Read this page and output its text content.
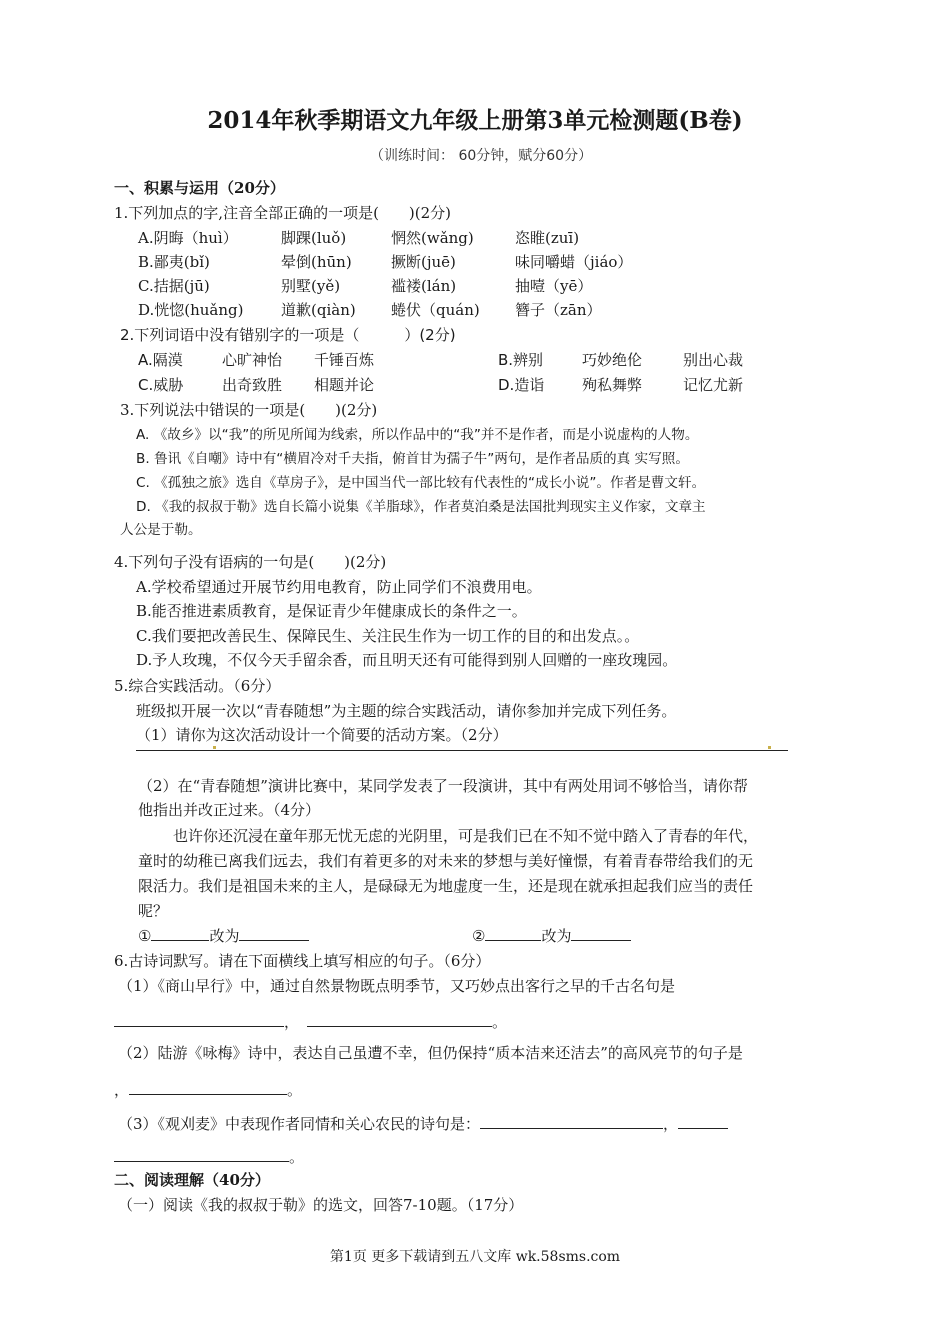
2014年秋季期语文九年级上册第3单元检测题(B卷)
（训练时间： 60分钟，赋分60分）
一、积累与运用（20分）
1.下列加点的字,注音全部正确的一项是(　　)(2分)
A.阴晦（huì）	脚踝(luǒ)	惘然(wǎng)	恣睢(zuī)
B.鄙夷(bǐ)	晕倒(hūn)	撅断(juē)	味同嚼蜡（jiáo）
C.拮据(jū)	别墅(yě)	褴褛(lán)	抽噎（yē）
D.恍惚(huǎng)	道歉(qiàn) 蜷伏（quán) 簪子（zān）
2.下列词语中没有错别字的一项是（　　　）(2分)
A.隔漠	心旷神怡 千锤百炼	B.辨别	巧妙绝伦	别出心裁
C.威胁	出奇致胜 相题并论	D.造诣	殉私舞弊	记忆尤新
3.下列说法中错误的一项是(　　)(2分)
A. 《故乡》以“我”的所见所闻为线索，所以作品中的“我”并不是作者，而是小说虚构的人物。
B. 鲁讯《自嘲》诗中有“横眉冷对千夫指，俯首甘为孺子牛”两句，是作者品质的真 实写照。
C. 《孤独之旅》选自《草房子》，是中国当代一部比较有代表性的“成长小说”。作者是曹文轩。
D. 《我的叔叔于勒》选自长篇小说集《羊脂球》，作者莫泊桑是法国批判现实主义作家，文章主
人公是于勒。
4.下列句子没有语病的一句是(　　)(2分)
A.学校希望通过开展节约用电教育，防止同学们不浪费用电。
B.能否推进素质教育，是保证青少年健康成长的条件之一。
C.我们要把改善民生、保障民生、关注民生作为一切工作的目的和出发点。。
D.予人玫瑰，不仅今天手留余香，而且明天还有可能得到别人回赠的一座玫瑰园。
5.综合实践活动。（6分）
班级拟开展一次以“青春随想”为主题的综合实践活动，请你参加并完成下列任务。
（1）请你为这次活动设计一个简要的活动方案。（2分）
（2）在“青春随想”演讲比赛中，某同学发表了一段演讲，其中有两处用词不够恰当，请你帮
他指出并改正过来。（4分）
也许你还沉浸在童年那无忧无虑的光阴里，可是我们已在不知不觉中踏入了青春的年代，
童时的幼稚已离我们远去，我们有着更多的对未来的梦想与美好憧憬，有着青春带给我们的无
限活力。我们是祖国未来的主人，是碌碌无为地虚度一生，还是现在就承担起我们应当的责任
呢？
①	改为	②	改为
6.古诗词默写。请在下面横线上填写相应的句子。（6分）
（1）《商山早行》中，通过自然景物既点明季节，又巧妙点出客行之早的千古名句是
，	。
（2）陆游《咏梅》诗中，表达自己虽遭不幸，但仍保持“质本洁来还洁去”的高风亮节的句子是
，	。
（3）《观刈麦》中表现作者同情和关心农民的诗句是：	，
。
二、阅读理解（40分）
（一）阅读《我的叔叔于勒》的选文，回答7-10题。（17分）
第1页 更多下载请到五八文库 wk.58sms.com
